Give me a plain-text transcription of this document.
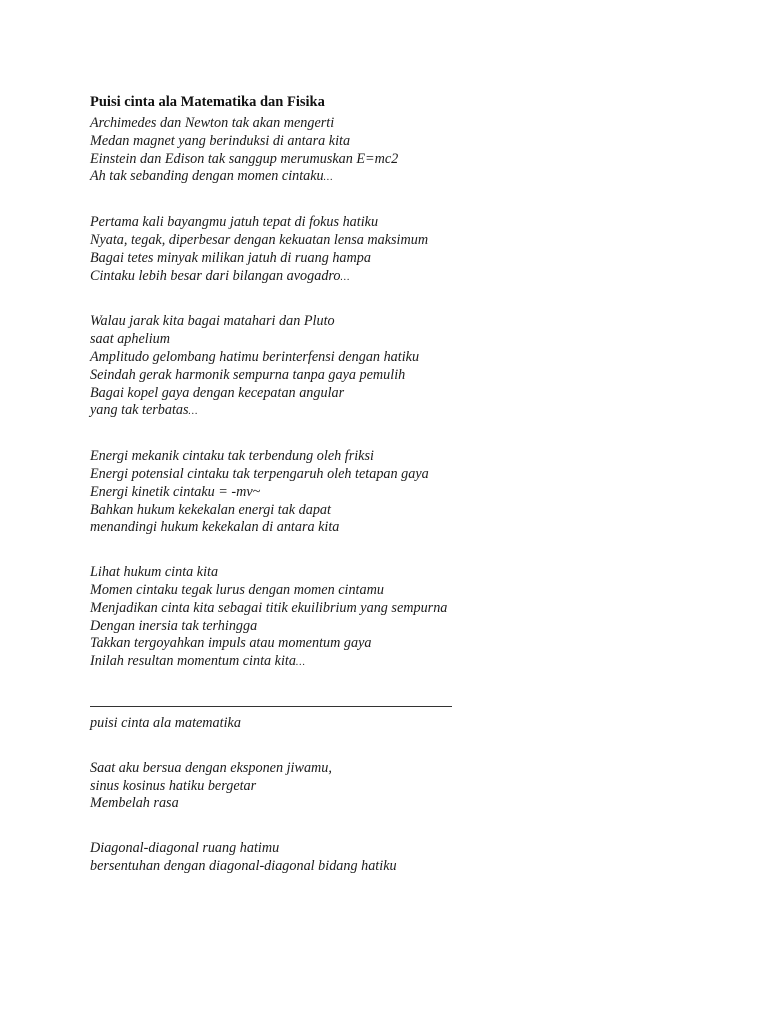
Puisi cinta ala Matematika dan Fisika
Archimedes dan Newton tak akan mengerti
Medan magnet yang berinduksi di antara kita
Einstein dan Edison tak sanggup merumuskan E=mc2
Ah tak sebanding dengan momen cintaku…
Pertama kali bayangmu jatuh tepat di fokus hatiku
Nyata, tegak, diperbesar dengan kekuatan lensa maksimum
Bagai tetes minyak milikan jatuh di ruang hampa
Cintaku lebih besar dari bilangan avogadro…
Walau jarak kita bagai matahari dan Pluto
saat aphelium
Amplitudo gelombang hatimu berinterfensi dengan hatiku
Seindah gerak harmonik sempurna tanpa gaya pemulih
Bagai kopel gaya dengan kecepatan angular
yang tak terbatas…
Energi mekanik cintaku tak terbendung oleh friksi
Energi potensial cintaku tak terpengaruh oleh tetapan gaya
Energi kinetik cintaku = -mv~
Bahkan hukum kekekalan energi tak dapat
menandingi hukum kekekalan di antara kita
Lihat hukum cinta kita
Momen cintaku tegak lurus dengan momen cintamu
Menjadikan cinta kita sebagai titik ekuilibrium yang sempurna
Dengan inersia tak terhingga
Takkan tergoyahkan impuls atau momentum gaya
Inilah resultan momentum cinta kita…
puisi cinta ala matematika
Saat aku bersua dengan eksponen jiwamu,
sinus kosinus hatiku bergetar
Membelah rasa
Diagonal-diagonal ruang hatimu
bersentuhan dengan diagonal-diagonal bidang hatiku
